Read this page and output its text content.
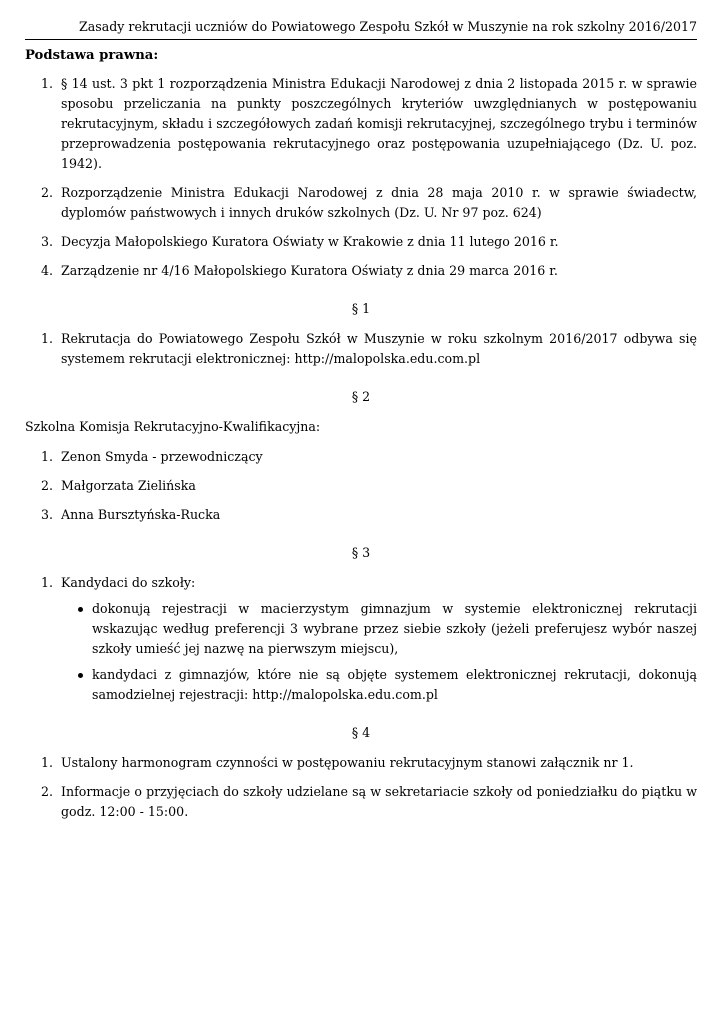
Zasady rekrutacji uczniów do Powiatowego Zespołu Szkół w Muszynie na rok szkolny 2016/2017
Podstawa prawna:
1. § 14 ust. 3 pkt 1 rozporządzenia Ministra Edukacji Narodowej z dnia 2 listopada 2015 r. w sprawie sposobu przeliczania na punkty poszczególnych kryteriów uwzględnianych w postępowaniu rekrutacyjnym, składu i szczegółowych zadań komisji rekrutacyjnej, szczególnego trybu i terminów przeprowadzenia postępowania rekrutacyjnego oraz postępowania uzupełniającego (Dz. U. poz. 1942).
2. Rozporządzenie Ministra Edukacji Narodowej z dnia 28 maja 2010 r. w sprawie świadectw, dyplomów państwowych i innych druków szkolnych (Dz. U. Nr 97 poz. 624)
3. Decyzja Małopolskiego Kuratora Oświaty w Krakowie z dnia 11 lutego 2016 r.
4. Zarządzenie nr 4/16 Małopolskiego Kuratora Oświaty z dnia 29 marca 2016 r.
§ 1
1. Rekrutacja do Powiatowego Zespołu Szkół w Muszynie w roku szkolnym 2016/2017 odbywa się systemem rekrutacji elektronicznej: http://malopolska.edu.com.pl
§ 2
Szkolna Komisja Rekrutacyjno-Kwalifikacyjna:
1. Zenon Smyda - przewodniczący
2. Małgorzata Zielińska
3. Anna Bursztyńska-Rucka
§ 3
1. Kandydaci do szkoły:
dokonują rejestracji w macierzystym gimnazjum w systemie elektronicznej rekrutacji wskazując według preferencji 3 wybrane przez siebie szkoły (jeżeli preferujesz wybór naszej szkoły umieść jej nazwę na pierwszym miejscu),
kandydaci z gimnazjów, które nie są objęte systemem elektronicznej rekrutacji, dokonują samodzielnej rejestracji: http://malopolska.edu.com.pl
§ 4
1. Ustalony harmonogram czynności w postępowaniu rekrutacyjnym stanowi załącznik nr 1.
2. Informacje o przyjęciach do szkoły udzielane są w sekretariacie szkoły od poniedziałku do piątku w godz. 12:00 - 15:00.
